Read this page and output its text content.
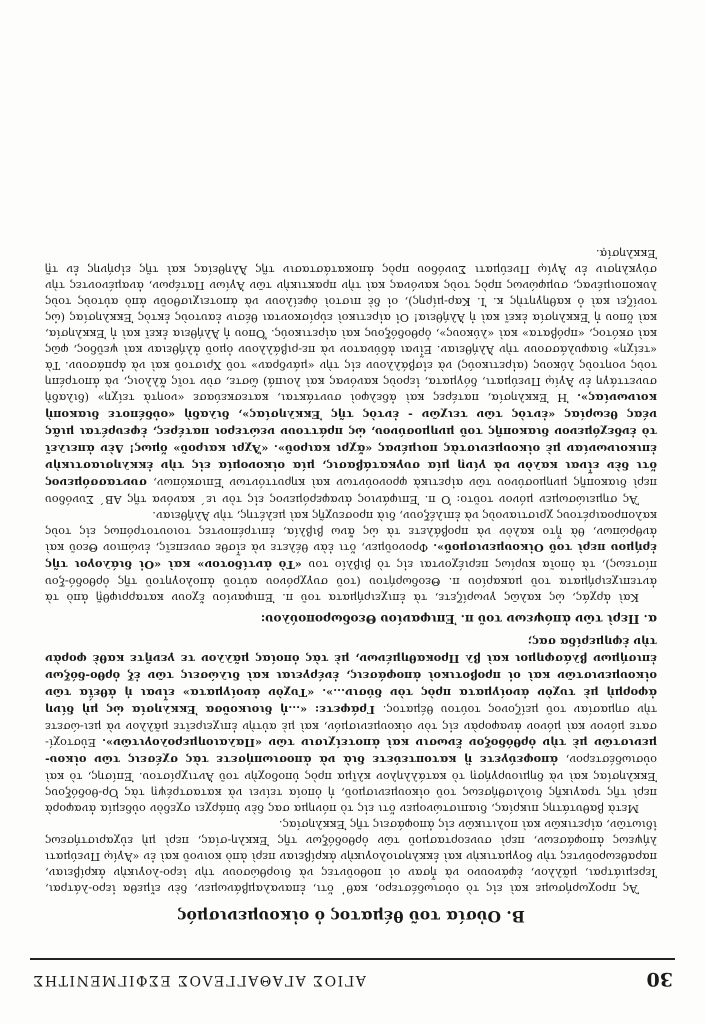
30
ΑΓΙΟΣ ΑΓΑΘΑΓΓΕΛΟΣ ΕΣΦΙΓΜΕΝΙΤΗΣ
Β. Οὐσία τοῦ θέματος ὁ οἰκουμενισμός

Ἂς προχωρήσωμε καὶ εἰς τὸ οὐσιωδέστερο, καθ᾿ ὅτι, ἐπαναλαμβάνωμεν, δὲν εἴμεθα ἱερο-λάτραι, Ἱερεμιάτραι, μᾶλλον, ἐφάνουνο νὰ ἦσαν οἱ ποθοῦντες νὰ διορθώσουν τὴν ἱερο-λογικὴν ἀκρίβειαν, παραθεωροῦντες τὴν δογματικὴν καὶ ἐκκλησιολογικὴν ἀκρίβειαν περὶ ἀπὸ κοινοῦ καὶ ἐν «Ἁγίῳ Πνεύματι λήψεως ἀποφάσεων, περὶ συνεορτασμοῦ τῶν ὀρθοδόξων τῆς Ἐκκλη-σίας, περὶ μὴ εὐχαριστήσεως ἰδιωτῶν, αἱρετικῶν καὶ πολιτικῶν εἰς ἀποφάσεις τῆς Ἐκκλησίας.

Μετὰ βαθυτάτης πικρίας, διαπιστώνομεν ὅτι εἰς τὸ πόνημα σας δὲν ὑπάρχει σχεδὸν οὐδεμία ἀναφορὰ περὶ τῆς τραγικῆς διολισθήσεως τοῦ οἰκουμενισμοῦ, ἡ ὁποία τείνει νὰ καταστρέψῃ τὰς Ὀρ-θοδόξους Ἐκκλησίας καὶ νὰ δημιουργήσῃ τὸ κατάλληλον κλῖμα πρὸς ὑποδοχὴν τοῦ Ἀντιχρίστου. Ἐπίσης, τὸ καὶ οὐσιωδέστερον, ἀποφεύγετε ἢ κατοπτεύετε διὰ νὰ ἀποσιωπήσετε τὰς σχέσεις τῶν οἰκου-μενιστῶν μὲ τὴν ὀρθόδοξον ἕνωσιν καὶ ἀποτείχισιν τῶν «Παλαιοημερολογιτῶν». Εὐστοχί-σατε μόνον καὶ μόνον ἀναφορὰν εἰς τὸν οἰκουμενισμόν, καὶ μὲ αὐτὴν ἐπιχειρεῖτε μᾶλλον νὰ μει-ώσετε τὴν σημασίαν τοῦ μείζονος τούτου θέματος. Γράφετε: «...ἡ διοικοῦσα Ἐκκλησία ὡς μὴ δίνη ἀφορμὴ μὲ τυχὸν ἀνοίγματα πρὸς τὸν δύσιν...». «Τυχὸν ἀνοίγματα» εἶναι ἡ ἀθεΐα τῶν οἰκουμενιστῶν καὶ οἱ προβοτικοὶ ἀποφάσεις, ἐνέργειαι καὶ διλώσεις τῶν ἐξ ὀρθο-δόξων ἐπισήμων βλάσφημοι καὶ βλ Προκαθημένων, μὲ τὰς ὁποίας μᾶλλον τε γενῆτε καθὲ φορὰν τὴν ἐφημερίδα σας;

α. Περὶ τῶν ἀπόψεων τοῦ π. Ἐπιφανίου Θεοδωροπούλου:

Καὶ ἀρχάς, ὡς καλῶς γνωρίζετε, τὰ ἐπιχειρήματα τοῦ π. Ἐπιφανίου ἔχουν καταρριφθῇ ἀπὸ τὰ ἀντεπιχειρήματα τοῦ μακαρίου π. Θεοδωρήτου (τοῦ συγχρόνου αὐτοῦ ἀπολογητοῦ τῆς ὀρθοδό-ξου πίστεως), τὰ ὁποῖα κυρίως περιέχονται εἰς τὸ βιβλίο του «Τὸ ἀντίδοτον» καὶ «Οἱ διάλογοι τῆς ἐρήμου περὶ τοῦ Οἰκουμενισμοῦ». Φρονοῦμεν, ὅτι ἐὰν θέλετε νὰ εἶσθε συνεπεῖς, ἐνώπιον Θεοῦ καὶ ἀνθρώπων, θὰ ἦτο καλὸν νὰ προβάλετε τὰ ὡς ἄνω βιβλία, ἐπιτρέποντες τοιουτοτρόπως εἰς τοὺς καλοπροαιρέτους χριστιανοὺς νὰ ἐπιλέξουν, διὰ προσευχῆς καὶ μελέτης, τὴν Ἀλήθειαν.

Ἂς σημειώσωμεν μόνον τοῦτο: Ὁ π. Ἐπιφάνιος ἀναφερόμενος εἰς τὸν ιε΄ κανόνα τῆς ΑΒ΄ Συνόδου περὶ διακοπῆς μνημοσύνου τῶν αἱρετικὰ φρονούντων καὶ κηρυττόντων Ἐπισκόπων, συντασσόμενος ὅτι δὲν εἶναι καλὸν νὰ γίνῃ μία συγκατάβασις, μία οἰκονομία εἰς τὴν ἐκκλησιαστικὴν ἐπικοινωνίαν μὲ οἰκουμενιστὰς ποιμένας «ἄχρι καιροῦ». «Ἄχρι καιροῦ» ὅμως! Δὲν ἀπειλεῖ τὸ ἐνδεχόμενον διακοπῆς τοῦ μνημοσύνου, ὡς πράττουν νεώτεροι πατέρες, ἐφευρέται μιᾶς νέας θεωρίας «ἐντὸς τῶν τειχῶν - ἐντὸς τῆς Ἐκκλησίας», διλαδὴ «οὐδέποτε διακοπὴ κοινωνίας». Ἡ Ἐκκλησία, πατέρες καὶ ἀδελφοὶ συντάκται, κατεσκεύασε «νοητὰ τείχη» (διλαδὴ συνεττάγη ἐν Ἁγίῳ Πνεύματι, δόγματα, ἱεροὺς κανόνας καὶ λοιπά) ὥστε, σὺν τοῖς ἄλλοις, νὰ ἀποτρέπη τοὺς νοητοὺς λύκους (αἱρετικούς) νὰ εἰσβάλλουν εἰς τὴν «μάνδραν» τοῦ Χριστοῦ καὶ νὰ ἁρπάσουν. Τὰ «τείχη» διαφυλάσσουν τὴν Ἀλήθειαν. Εἶναι ἀδύνατον νὰ πε-ριβάλλουν ὁμοῦ ἀλήθειαν καὶ ψεῦδος, φῶς καὶ σκότος, «πρόβατα» καὶ «λύκους», ὀρθοδόξους καὶ αἱρετικούς. Ὅπου ἡ Ἀλήθεια ἐκεῖ καὶ ἡ Ἐκκλησία, καὶ ὅπου ἡ Ἐκκλησία ἐκεῖ καὶ ἡ Ἀλήθεια! Οἱ αἱρετικοὶ εὑρίσκονται θέσιν ἑαυτοὺς ἐκτὸς Ἐκκλησίας (ὡς τονίζει καὶ ὁ καθηγητὴς κ. Ἰ. Καρ-μίρης), οἱ δὲ πιστοὶ ὀφείλουν νὰ ἀποτειχισθοῦν ἀπὸ αὐτοὺς τοὺς λυκοποιμένας, συμφώνως πρὸς τοὺς κανόνας καὶ τὴν πρακτικὴν τῶν Ἁγίων Πατέρων, ἀναμένοντες τὴν σύγκλησιν ἐν Ἁγίῳ Πνεύματι Συνόδου πρὸς ἀποκατάστασιν τῆς Ἀληθείας καὶ τῆς εἰρήνης ἐν τῇ Ἐκκλησίᾳ.
